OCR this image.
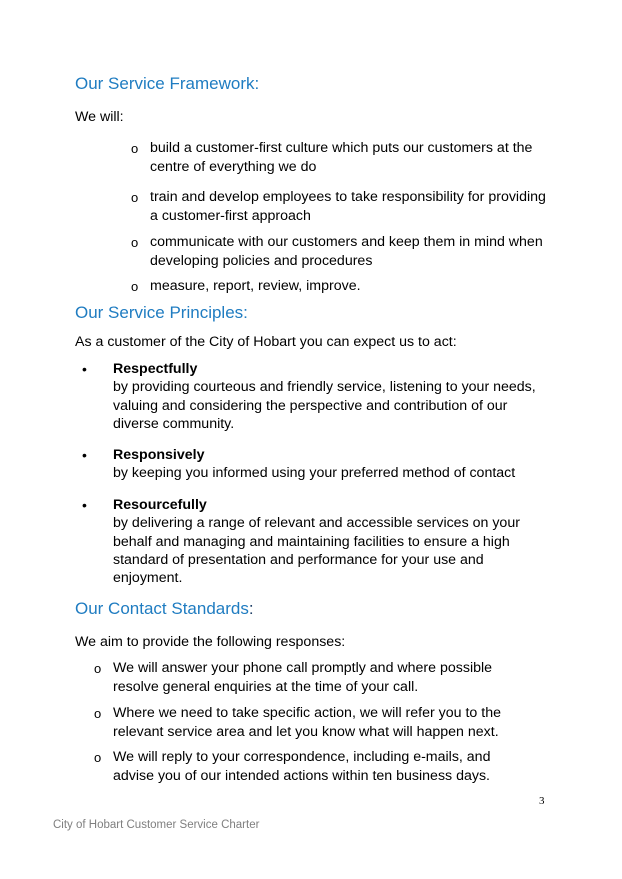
Our Service Framework:

We will:

o build a customer-first culture which puts our customers at the centre of everything we do
o train and develop employees to take responsibility for providing a customer-first approach
o communicate with our customers and keep them in mind when developing policies and procedures
o measure, report, review, improve.
Our Service Principles:

As a customer of the City of Hobart you can expect us to act:

• Respectfully
by providing courteous and friendly service, listening to your needs, valuing and considering the perspective and contribution of our diverse community.
• Responsively
by keeping you informed using your preferred method of contact
• Resourcefully
by delivering a range of relevant and accessible services on your behalf and managing and maintaining facilities to ensure a high standard of presentation and performance for your use and enjoyment.
Our Contact Standards:

We aim to provide the following responses:

o We will answer your phone call promptly and where possible resolve general enquiries at the time of your call.
o Where we need to take specific action, we will refer you to the relevant service area and let you know what will happen next.
o We will reply to your correspondence, including e-mails, and advise you of our intended actions within ten business days.
3
City of Hobart Customer Service Charter
